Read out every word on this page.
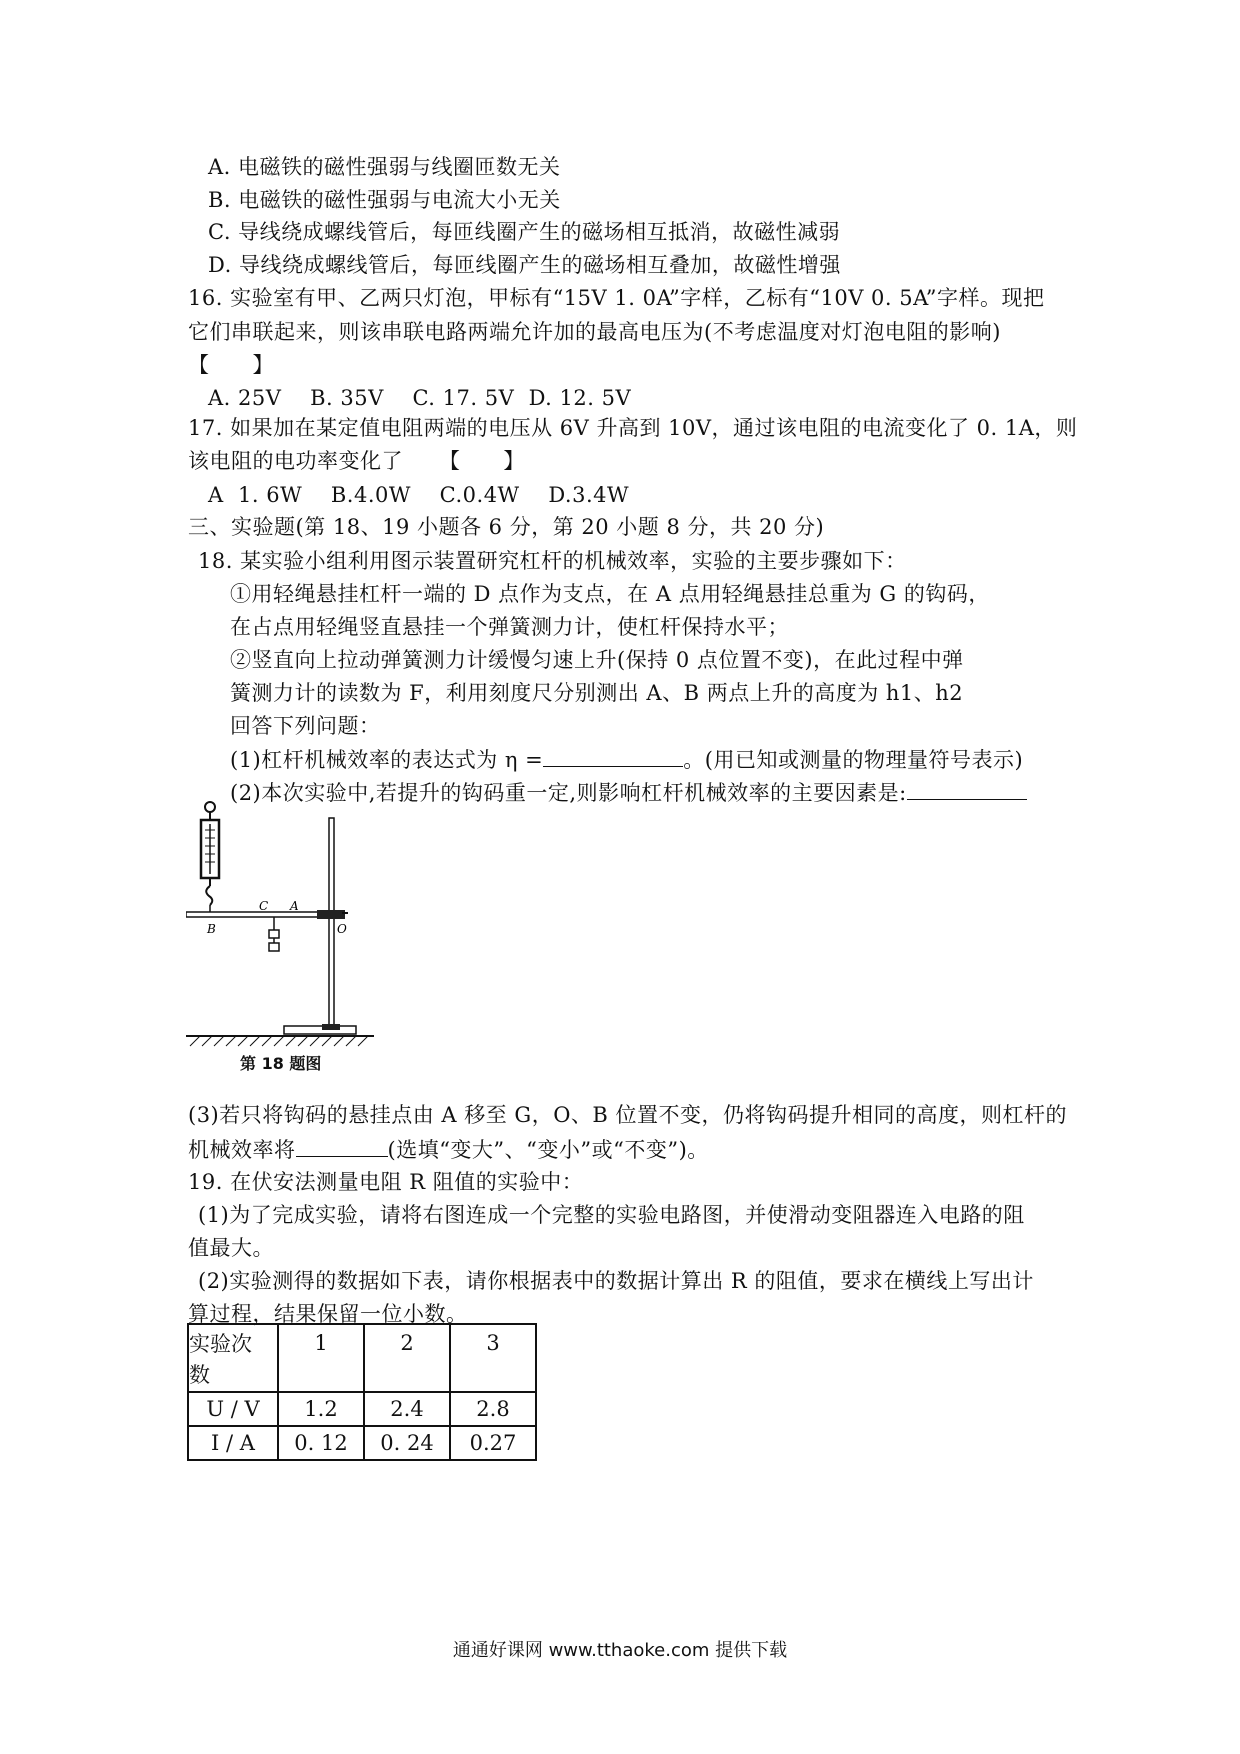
A. 电磁铁的磁性强弱与线圈匝数无关
B. 电磁铁的磁性强弱与电流大小无关
C. 导线绕成螺线管后，每匝线圈产生的磁场相互抵消，故磁性减弱
D. 导线绕成螺线管后，每匝线圈产生的磁场相互叠加，故磁性增强
16. 实验室有甲、乙两只灯泡，甲标有“15V 1. 0A”字样，乙标有“10V 0. 5A”字样。现把
它们串联起来，则该串联电路两端允许加的最高电压为(不考虑温度对灯泡电阻的影响)
【      】
A. 25V    B. 35V    C. 17. 5V  D. 12. 5V
17. 如果加在某定值电阻两端的电压从 6V 升高到 10V，通过该电阻的电流变化了 0. 1A，则
该电阻的电功率变化了     【      】
A  1. 6W    B.4.0W    C.0.4W    D.3.4W
三、实验题(第 18、19 小题各 6 分，第 20 小题 8 分，共 20 分)
18. 某实验小组利用图示装置研究杠杆的机械效率，实验的主要步骤如下：
①用轻绳悬挂杠杆一端的 D 点作为支点，在 A 点用轻绳悬挂总重为 G 的钩码，
在占点用轻绳竖直悬挂一个弹簧测力计，使杠杆保持水平；
②竖直向上拉动弹簧测力计缓慢匀速上升(保持 0 点位置不变)，在此过程中弹
簧测力计的读数为 F，利用刻度尺分别测出 A、B 两点上升的高度为 h1、h2
回答下列问题：
(1)杠杆机械效率的表达式为 η =	。(用已知或测量的物理量符号表示)
(2)本次实验中,若提升的钩码重一定,则影响杠杆机械效率的主要因素是:
B
C A
O
第 18 题图
(3)若只将钩码的悬挂点由 A 移至 G，O、B 位置不变，仍将钩码提升相同的高度，则杠杆的
机械效率将	(选填“变大”、“变小”或“不变”)。
19. 在伏安法测量电阻 R 阻值的实验中：
(1)为了完成实验，请将右图连成一个完整的实验电路图，并使滑动变阻器连入电路的阻
值最大。
(2)实验测得的数据如下表，请你根据表中的数据计算出 R 的阻值，要求在横线上写出计
算过程，结果保留一位小数。
实验次
数	1	2	3
U / V	1.2	2.4	2.8
I / A	0. 12	0. 24	0.27
通通好课网 www.tthaoke.com 提供下载
